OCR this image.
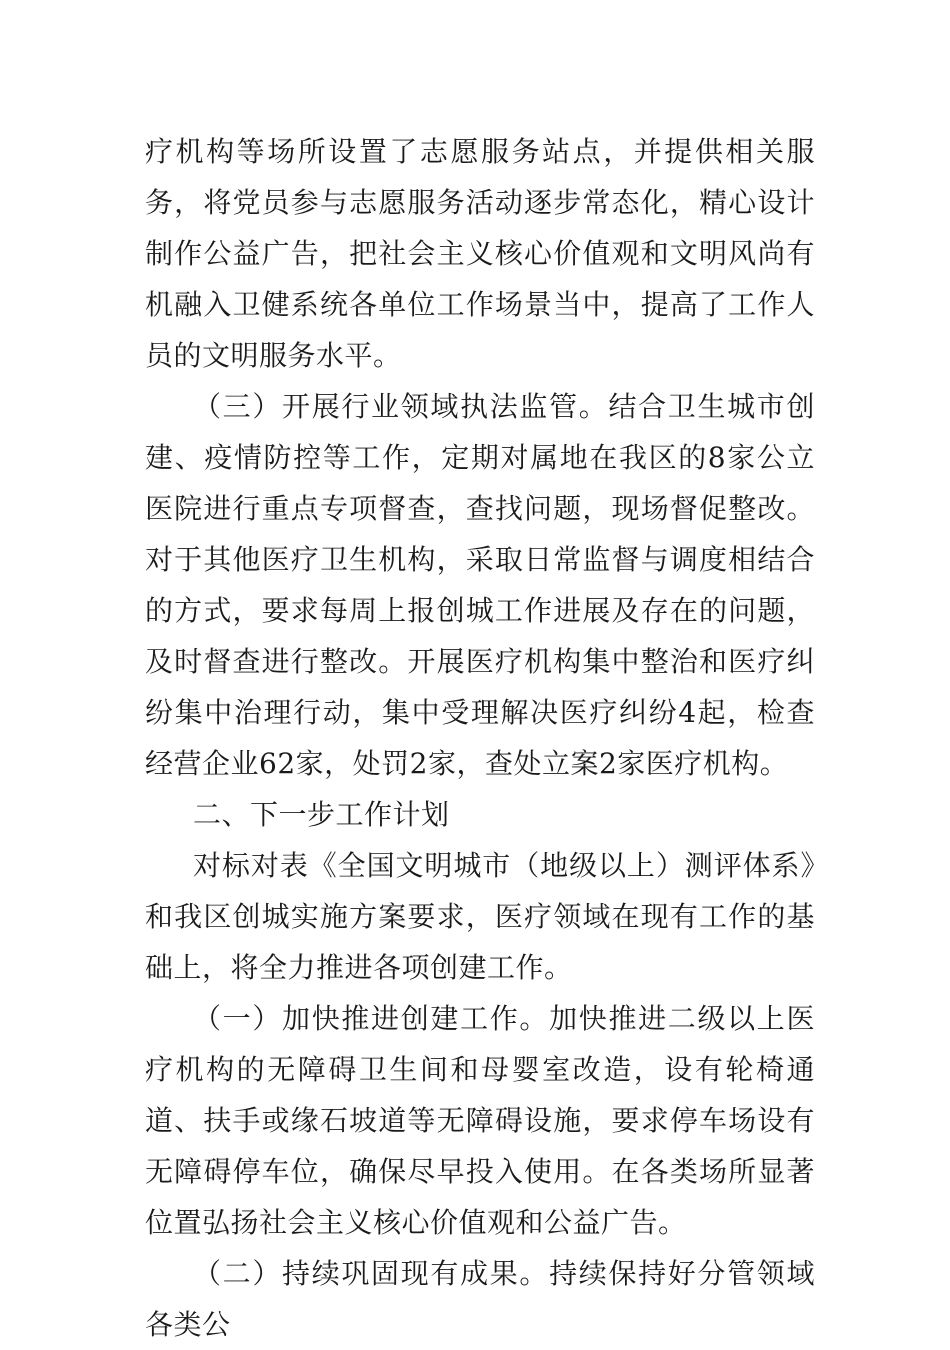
疗机构等场所设置了志愿服务站点，并提供相关服务，将党员参与志愿服务活动逐步常态化，精心设计制作公益广告，把社会主义核心价值观和文明风尚有机融入卫健系统各单位工作场景当中，提高了工作人员的文明服务水平。

（三）开展行业领域执法监管。结合卫生城市创建、疫情防控等工作，定期对属地在我区的8家公立医院进行重点专项督查，查找问题，现场督促整改。对于其他医疗卫生机构，采取日常监督与调度相结合的方式，要求每周上报创城工作进展及存在的问题，及时督查进行整改。开展医疗机构集中整治和医疗纠纷集中治理行动，集中受理解决医疗纠纷4起，检查经营企业62家，处罚2家，查处立案2家医疗机构。

二、下一步工作计划

对标对表《全国文明城市（地级以上）测评体系》和我区创城实施方案要求，医疗领域在现有工作的基础上，将全力推进各项创建工作。

（一）加快推进创建工作。加快推进二级以上医疗机构的无障碍卫生间和母婴室改造，设有轮椅通道、扶手或缘石坡道等无障碍设施，要求停车场设有无障碍停车位，确保尽早投入使用。在各类场所显著位置弘扬社会主义核心价值观和公益广告。

（二）持续巩固现有成果。持续保持好分管领域各类公
